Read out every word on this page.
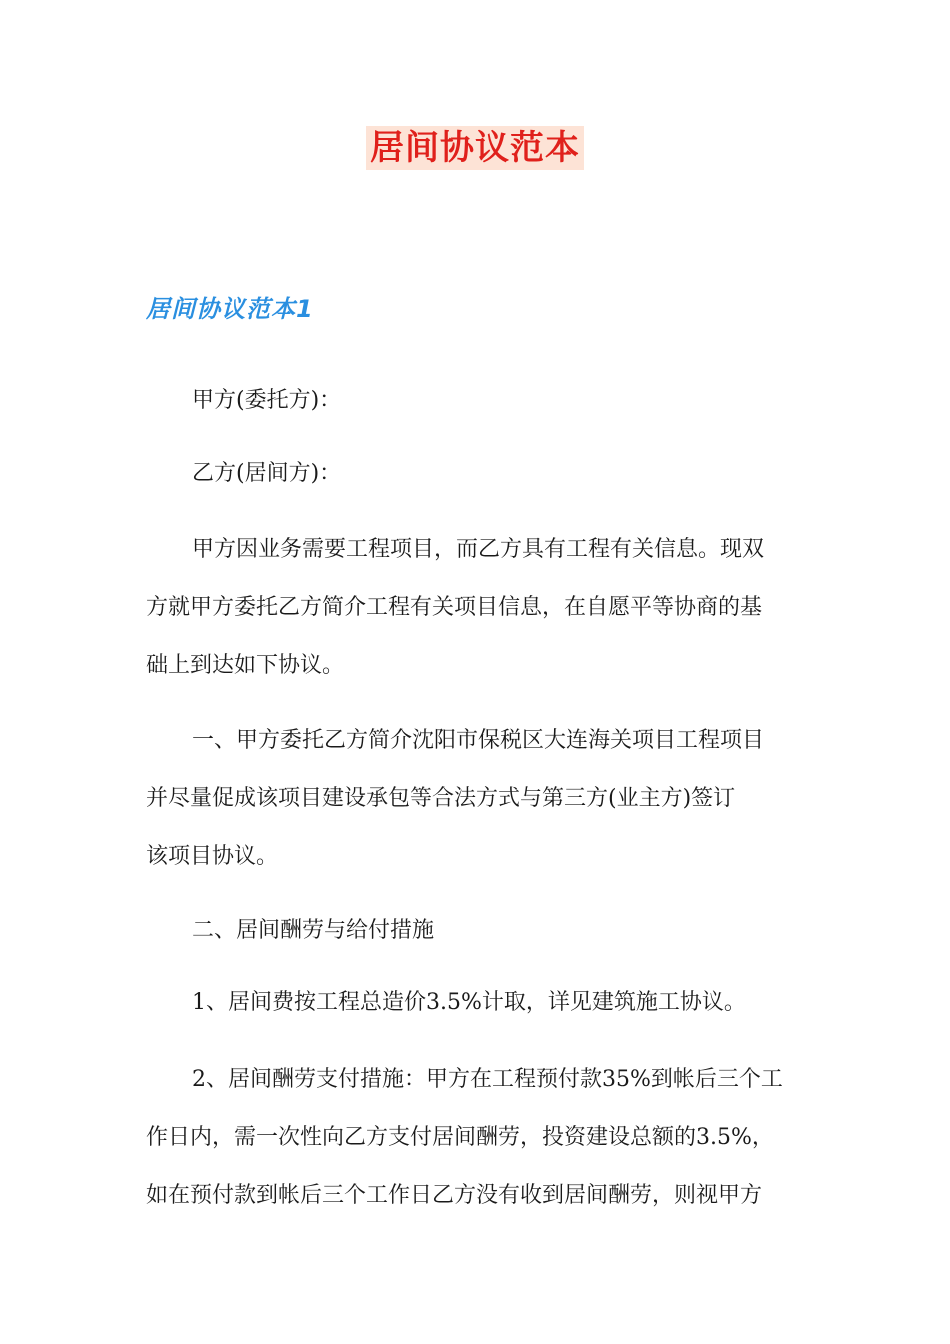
居间协议范本
居间协议范本1

甲方(委托方)：

乙方(居间方)：

甲方因业务需要工程项目，而乙方具有工程有关信息。现双
方就甲方委托乙方简介工程有关项目信息，在自愿平等协商的基
础上到达如下协议。

一、甲方委托乙方简介沈阳市保税区大连海关项目工程项目
并尽量促成该项目建设承包等合法方式与第三方(业主方)签订
该项目协议。

二、居间酬劳与给付措施

1、居间费按工程总造价3.5%计取，详见建筑施工协议。

2、居间酬劳支付措施：甲方在工程预付款35%到帐后三个工
作日内，需一次性向乙方支付居间酬劳，投资建设总额的3.5%，
如在预付款到帐后三个工作日乙方没有收到居间酬劳，则视甲方
